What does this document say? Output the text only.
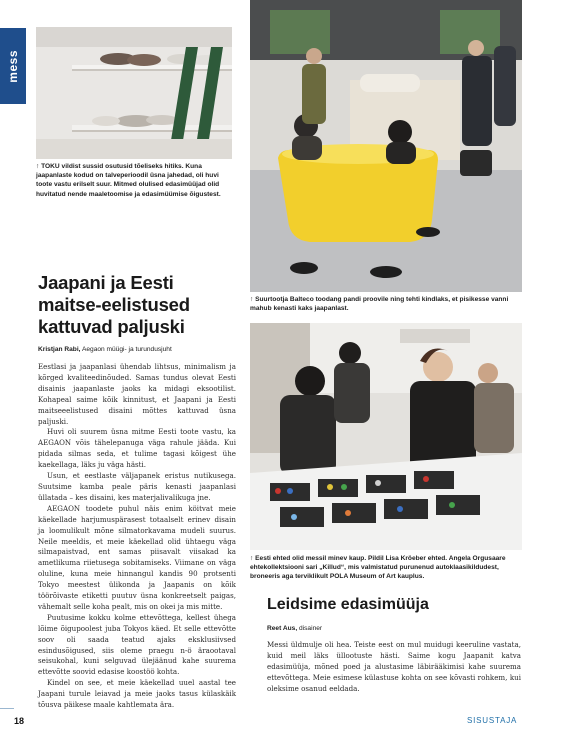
mess
↑ TOKU vildist sussid osutusid tõeliseks hitiks. Kuna jaapanlaste kodud on talveperioodil üsna jahedad, oli huvi toote vastu erilselt suur. Mitmed olulised edasimüüjad olid huvitatud nende maaletoomise ja edasimüümise õigustest.
↑ Suurtootja Balteco toodang pandi proovile ning tehti kindlaks, et pisikesse vanni mahub kenasti kaks jaapanlast.
Jaapani ja Eesti
maitse-eelistused
kattuvad paljuski
Kristjan Rabi, Aegaon müügi- ja turundusjuht

Eestlasi ja jaapanlasi ühendab lihtsus, minimalism ja kõrged kvaliteedinõuded. Samas tundus olevat Eesti disainis jaapanlaste jaoks ka midagi eksootilist. Kohapeal saime kõik kinnitust, et Jaapani ja Eesti maitseeelistused disaini mõttes kattuvad üsna paljuski.

Huvi oli suurem üsna mitme Eesti toote vastu, ka AEGAON võis tähelepanuga väga rahule jääda. Kui pidada silmas seda, et tulime tagasi kõigest ühe kaekellaga, läks ju väga hästi.

Usun, et eestlaste väljapanek eristus nutikusega. Suutsime kamba peale päris kenasti jaapanlasi üllatada – kes disaini, kes materjalivalikuga jne.

AEGAON toodete puhul näis enim köitvat meie käekellade harjumuspärasest totaalselt erinev disain ja loomulikult mõne silmatorkavama mudeli suurus. Neile meeldis, et meie käekellad olid ühtaegu väga silmapaistvad, ent samas piisavalt viisakad ka ametlikuma riietusega sobitamiseks. Viimane on väga oluline, kuna meie hinnangul kandis 90 protsenti Tokyo meestest ülikonda ja Jaapanis on kõik töörõivaste etiketti puutuv üsna konkreetselt paigas, vähemalt selle koha pealt, mis on okei ja mis mitte.

Puutusime kokku kolme ettevõttega, kellest ühega lõime õigupoolest juba Tokyos käed. Et selle ettevõtte soov oli saada teatud ajaks eksklusiivsed esindusõigused, siis oleme praegu n-ö äraootaval seisukohal, kuni selguvad ülejäänud kahe suurema ettevõtte soovid edasise koostöö kohta.

Kindel on see, et meie käekellad uuel aastal tee Jaapani turule leiavad ja meie jaoks tasus külaskäik tõusva päikese maale kahtlemata ära.

↑ Eesti ehted olid messil minev kaup. Pildil Lisa Kröeber ehted. Angela Orgusaare ehtekollektsiooni sari „Killud“, mis valmistatud purunenud autoklaasikildudest, broneeris aga terviklikult POLA Museum of Art kauplus.
Leidsime edasimüüja
Reet Aus, disainer

Messi üldmulje oli hea. Teiste eest on mul muidugi keeruline vastata, kuid meil läks üllootuste hästi. Saime kogu Jaapanit katva edasimüüja, mõned poed ja alustasime läbirääkimisi kahe suurema ettevõttega. Meie esimese külastuse kohta on see kõvasti rohkem, kui oleksime osanud eeldada.

18	SISUSTAJA
